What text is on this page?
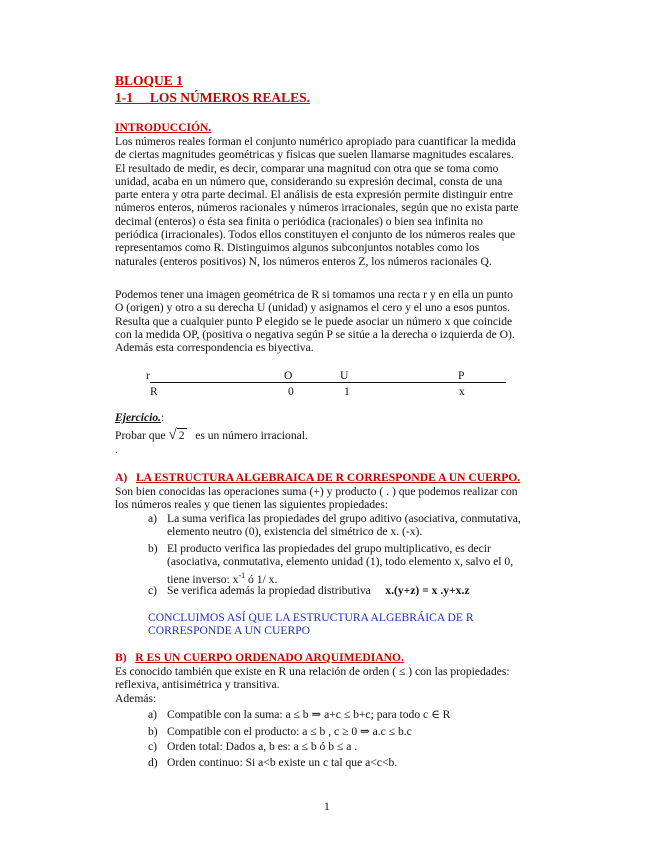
BLOQUE 1
1-1     LOS NÚMEROS REALES.
INTRODUCCIÓN.
Los números reales forman el conjunto numérico apropiado para cuantificar la medida
de ciertas magnitudes geométricas y físicas que suelen llamarse magnitudes escalares.
El resultado de medir, es decir, comparar una magnitud con otra que se toma como
unidad, acaba en un número que, considerando su expresión decimal, consta de una
parte entera y otra parte decimal. El análisis de esta expresión permite distinguir entre
números enteros, números racionales y números irracionales, según que no exista parte
decimal (enteros) o ésta sea finita o periódica (racionales) o bien sea infinita no
periódica (irracionales). Todos ellos constituyen el conjunto de los números reales que
representamos como R. Distinguimos algunos subconjuntos notables como los
naturales (enteros positivos) N, los números enteros Z, los números racionales Q.
Podemos tener una imagen geométrica de R si tomamos una recta r y en ella un punto
O (origen) y otro a su derecha U (unidad) y asignamos el cero y el uno a esos puntos.
Resulta que a cualquier punto P elegido se le puede asociar un número x que coincide
con la medida OP, (positiva o negativa según P se sitúe a la derecha o izquierda de O).
Además esta correspondencia es biyectiva.
r	O	U	P
R	0	1	x
Ejercicio.:
Probar que √ 2 es un número irracional.
.
A) LA ESTRUCTURA ALGEBRAICA DE R CORRESPONDE A UN CUERPO.
Son bien conocidas las operaciones suma (+) y producto ( . ) que podemos realizar con
los números reales y que tienen las siguientes propiedades:
a) La suma verifica las propiedades del grupo aditivo (asociativa, conmutativa,
elemento neutro (0), existencia del simétrico de x. (-x).
b) El producto verifica las propiedades del grupo multiplicativo, es decir
(asociativa, conmutativa, elemento unidad (1), todo elemento x, salvo el 0,
tiene inverso: $x^{-1}$ ó 1/ x.
c) Se verifica además la propiedad distributiva x.(y+z) = x .y+x.z
CONCLUIMOS ASÍ QUE LA ESTRUCTURA ALGEBRÁICA DE R
CORRESPONDE A UN CUERPO
B) R ES UN CUERPO ORDENADO ARQUIMEDIANO.
Es conocido también que existe en R una relación de orden ( ≤ ) con las propiedades:
reflexiva, antisimétrica y transitiva.
Además:
a) Compatible con la suma: a ≤ b ⇒ a+c ≤ b+c; para todo c ∈ R
b) Compatible con el producto: a ≤ b , c ≥ 0 ⇒ a.c ≤ b.c
c) Orden total: Dados a, b es: a ≤ b ó b ≤ a .
d) Orden continuo: Si a<b existe un c tal que a<c<b.
1
